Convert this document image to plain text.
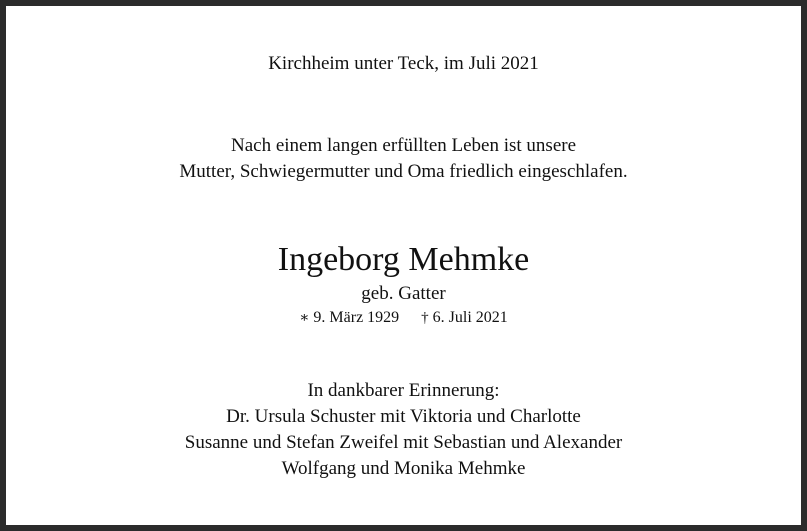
Kirchheim unter Teck, im Juli 2021

Nach einem langen erfüllten Leben ist unsere
Mutter, Schwiegermutter und Oma friedlich eingeschlafen.
Ingeborg Mehmke

geb. Gatter

∗ 9. März 1929 † 6. Juli 2021

In dankbarer Erinnerung:
Dr. Ursula Schuster mit Viktoria und Charlotte
Susanne und Stefan Zweifel mit Sebastian und Alexander
Wolfgang und Monika Mehmke
